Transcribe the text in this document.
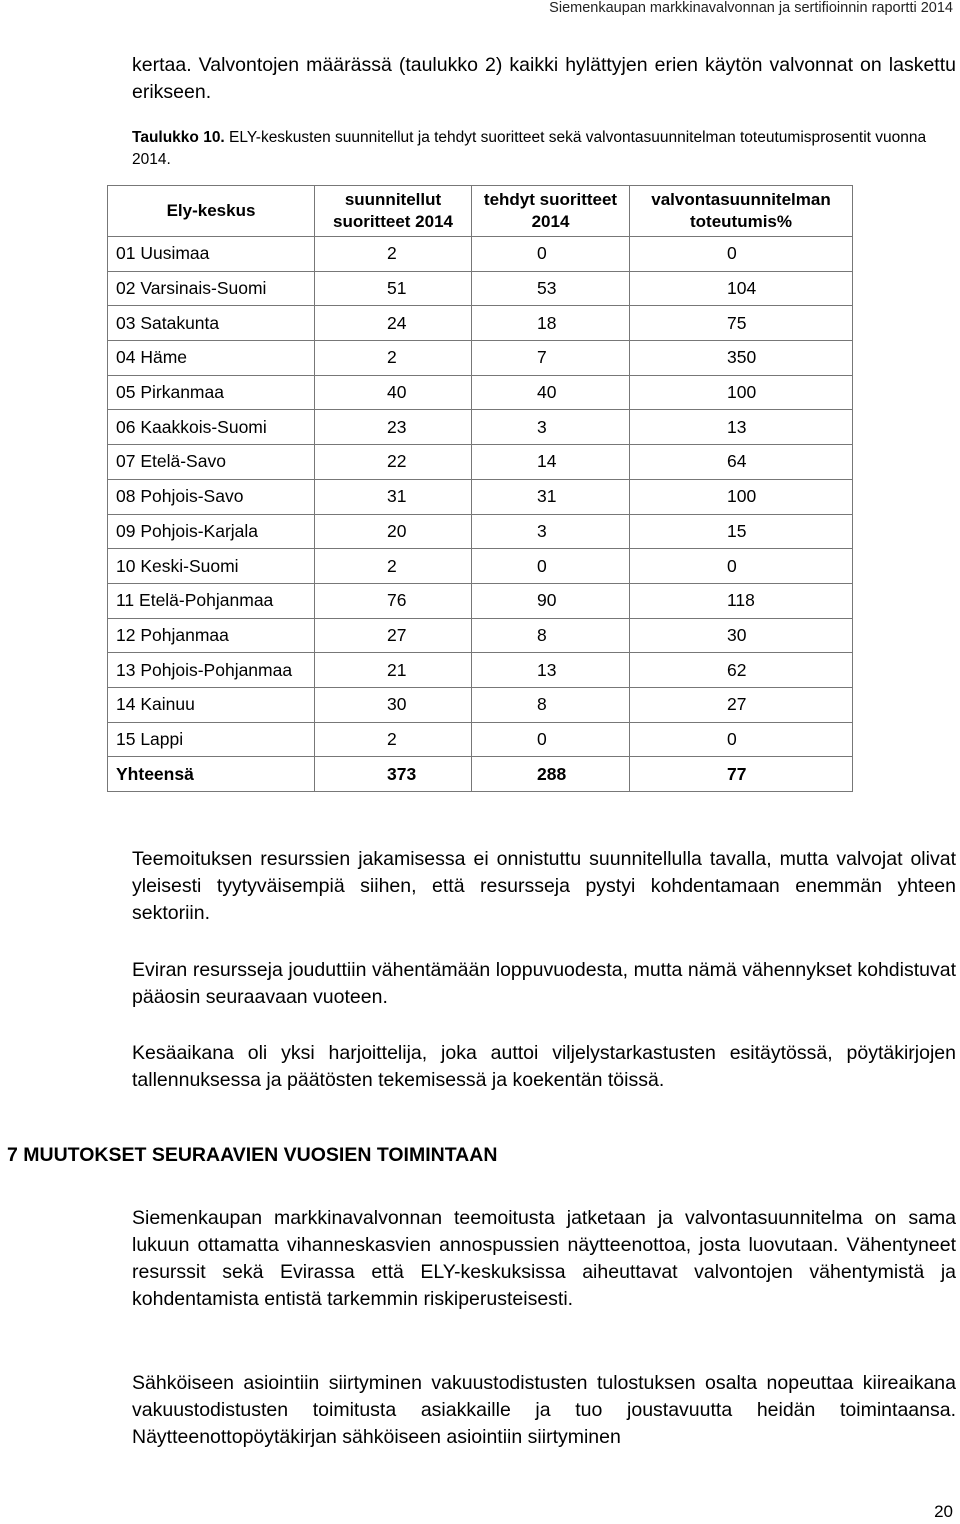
Siemenkaupan markkinavalvonnan ja sertifioinnin raportti 2014

kertaa. Valvontojen määrässä (taulukko 2) kaikki hylättyjen erien käytön valvonnat on laskettu erikseen.

Taulukko 10. ELY-keskusten suunnitellut ja tehdyt suoritteet sekä valvontasuunnitelman toteutumisprosentit vuonna 2014.

Ely-keskus	suunnitellut suoritteet 2014	tehdyt suoritteet 2014	valvontasuunnitelman toteutumis%
01 Uusimaa	2	0	0
02 Varsinais-Suomi	51	53	104
03 Satakunta	24	18	75
04 Häme	2	7	350
05 Pirkanmaa	40	40	100
06 Kaakkois-Suomi	23	3	13
07 Etelä-Savo	22	14	64
08 Pohjois-Savo	31	31	100
09 Pohjois-Karjala	20	3	15
10 Keski-Suomi	2	0	0
11 Etelä-Pohjanmaa	76	90	118
12 Pohjanmaa	27	8	30
13 Pohjois-Pohjanmaa	21	13	62
14 Kainuu	30	8	27
15 Lappi	2	0	0
Yhteensä	373	288	77

Teemoituksen resurssien jakamisessa ei onnistuttu suunnitellulla tavalla, mutta valvojat olivat yleisesti tyytyväisempiä siihen, että resursseja pystyi kohdentamaan enemmän yhteen sektoriin.

Eviran resursseja jouduttiin vähentämään loppuvuodesta, mutta nämä vähennykset kohdistuvat pääosin seuraavaan vuoteen.

Kesäaikana oli yksi harjoittelija, joka auttoi viljelystarkastusten esitäytössä, pöytäkirjojen tallennuksessa ja päätösten tekemisessä ja koekentän töissä.

7 MUUTOKSET SEURAAVIEN VUOSIEN TOIMINTAAN

Siemenkaupan markkinavalvonnan teemoitusta jatketaan ja valvontasuunnitelma on sama lukuun ottamatta vihanneskasvien annospussien näytteenottoa, josta luovutaan. Vähentyneet resurssit sekä Evirassa että ELY-keskuksissa aiheuttavat valvontojen vähentymistä ja kohdentamista entistä tarkemmin riskiperusteisesti.

Sähköiseen asiointiin siirtyminen vakuustodistusten tulostuksen osalta nopeuttaa kiireaikana vakuustodistusten toimitusta asiakkaille ja tuo joustavuutta heidän toimintaansa. Näytteenottopöytäkirjan sähköiseen asiointiin siirtyminen

20
